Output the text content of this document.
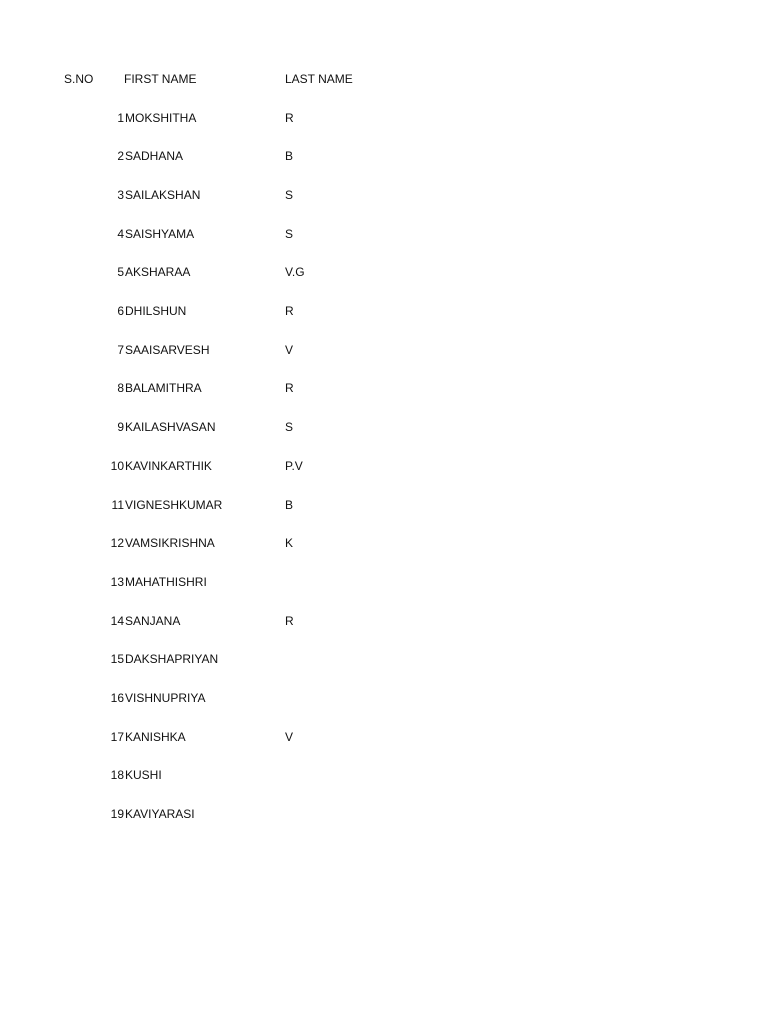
S.NO	FIRST NAME	LAST NAME
1 MOKSHITHA	R
2 SADHANA	B
3 SAILAKSHAN	S
4 SAISHYAMA	S
5 AKSHARAA	V.G
6 DHILSHUN	R
7 SAAISARVESH	V
8 BALAMITHRA	R
9 KAILASHVASAN	S
10 KAVINKARTHIK	P.V
11 VIGNESHKUMAR	B
12 VAMSIKRISHNA	K
13 MAHATHISHRI
14 SANJANA	R
15 DAKSHAPRIYAN
16 VISHNUPRIYA
17 KANISHKA	V
18 KUSHI
19 KAVIYARASI
